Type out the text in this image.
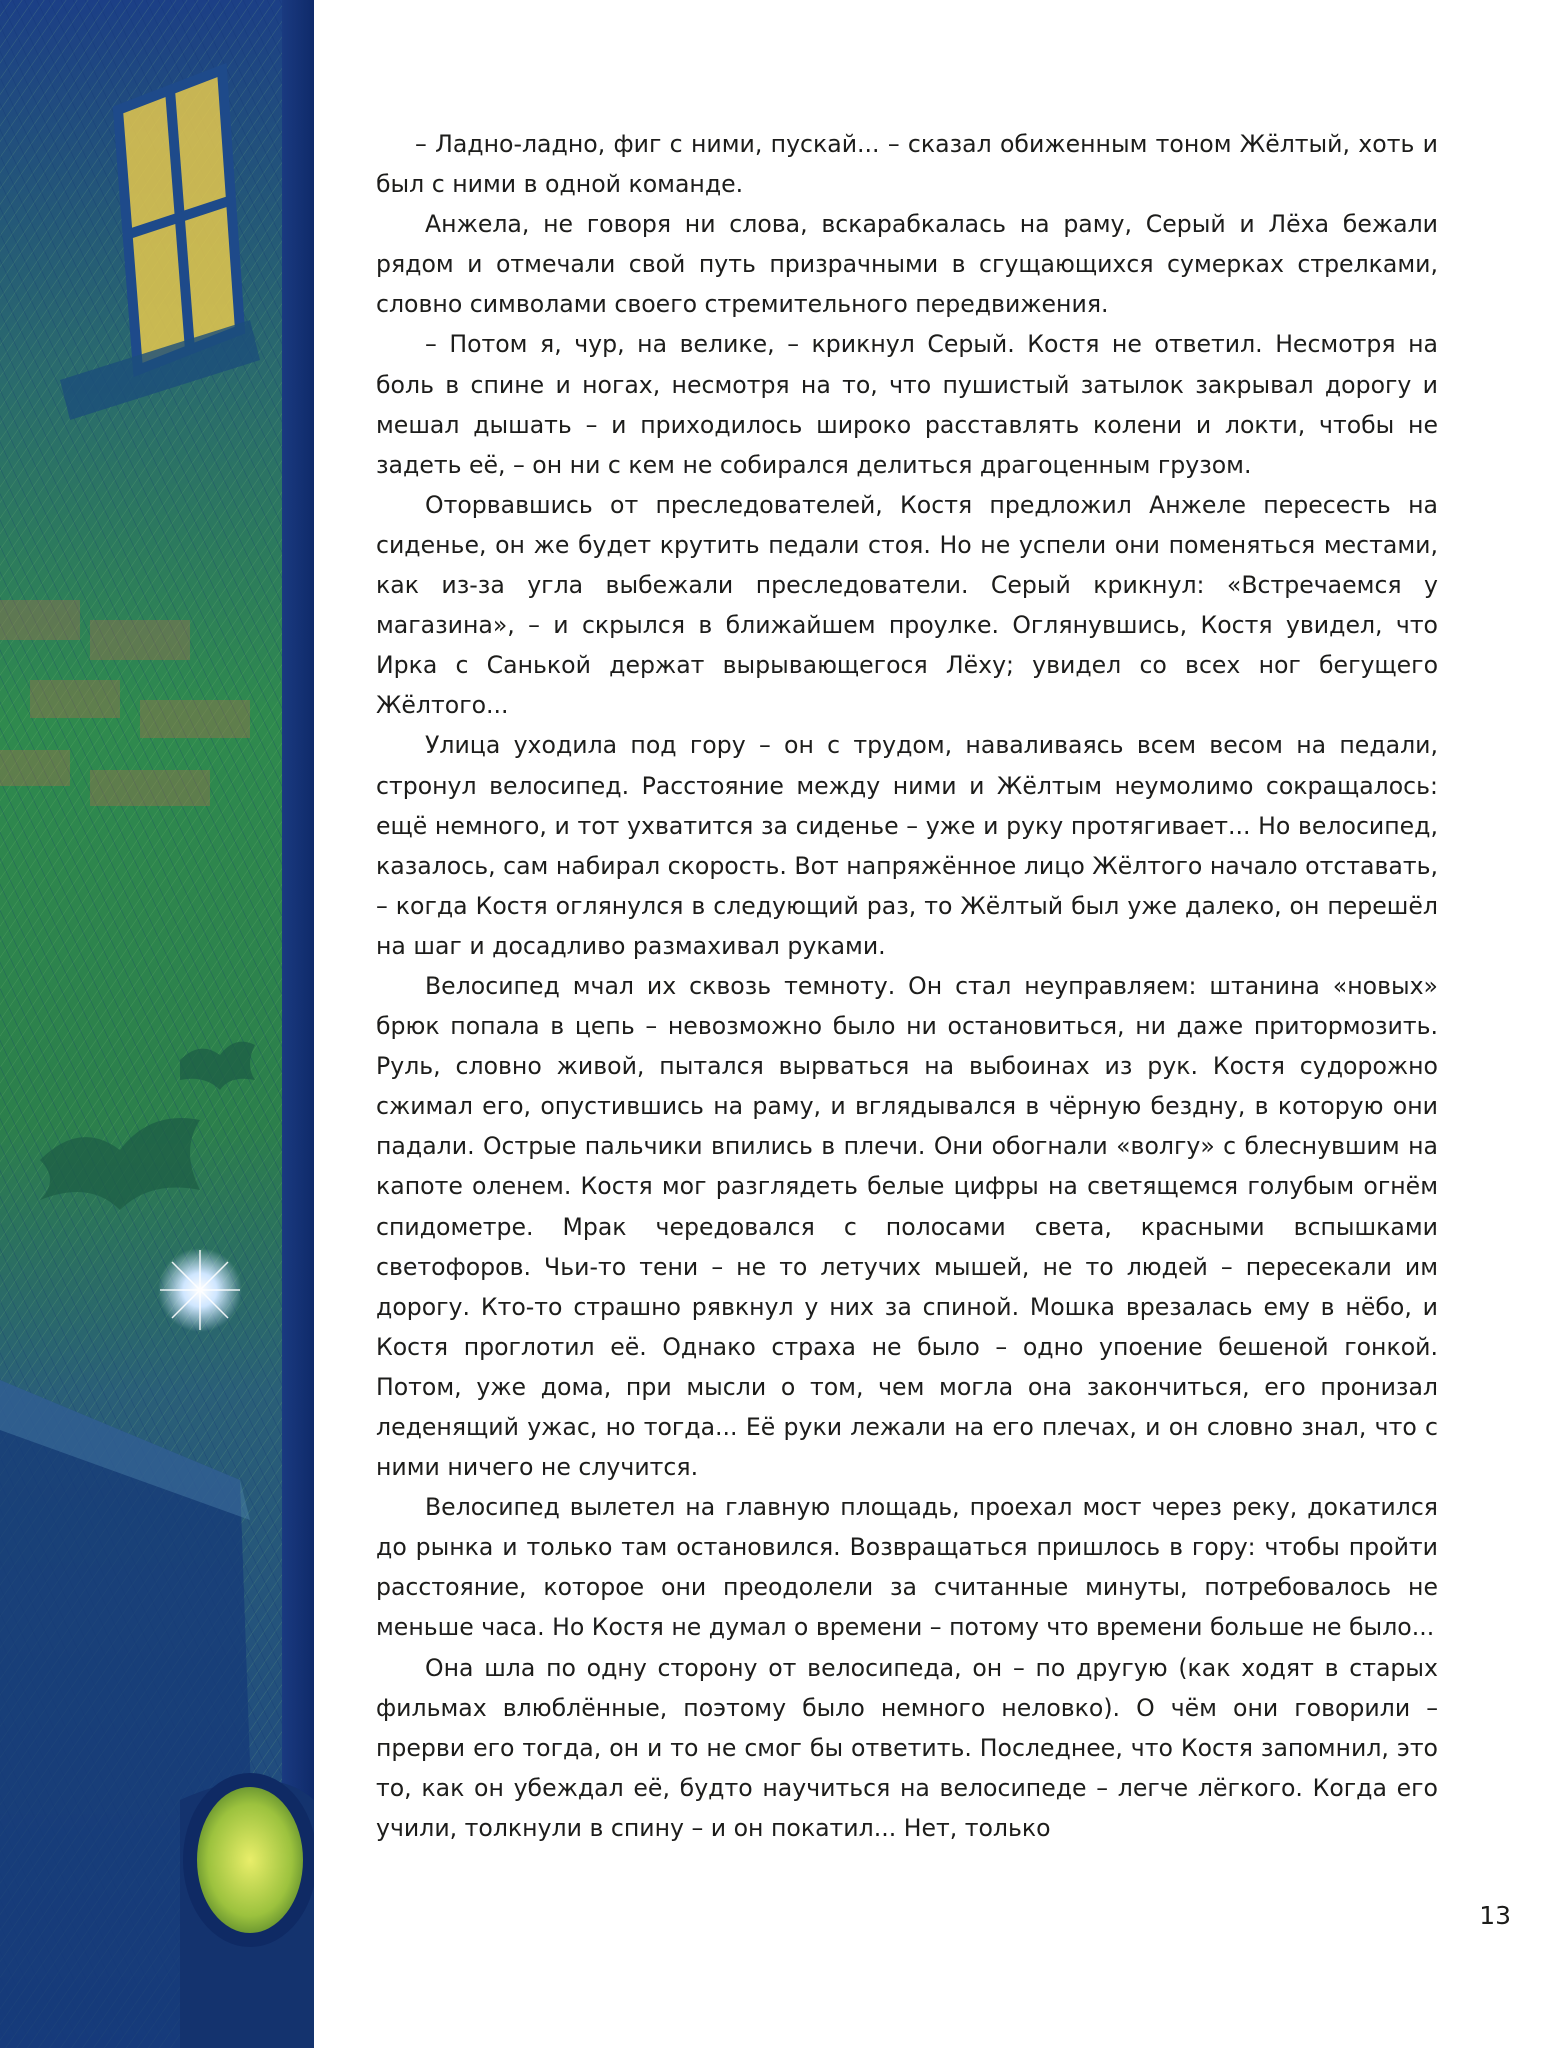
– Ладно-ладно, фиг с ними, пускай... – сказал обиженным тоном Жёлтый, хоть и был с ними в одной команде.

Анжела, не говоря ни слова, вскарабкалась на раму, Серый и Лёха бежали рядом и отмечали свой путь призрачными в сгущающихся сумерках стрелками, словно символами своего стремительного передвижения.

– Потом я, чур, на велике, – крикнул Серый. Костя не ответил. Несмотря на боль в спине и ногах, несмотря на то, что пушистый затылок закрывал дорогу и мешал дышать – и приходилось широко расставлять колени и локти, чтобы не задеть её, – он ни с кем не собирался делиться драгоценным грузом.

Оторвавшись от преследователей, Костя предложил Анжеле пересесть на сиденье, он же будет крутить педали стоя. Но не успели они поменяться местами, как из-за угла выбежали преследователи. Серый крикнул: «Встречаемся у магазина», – и скрылся в ближайшем проулке. Оглянувшись, Костя увидел, что Ирка с Санькой держат вырывающегося Лёху; увидел со всех ног бегущего Жёлтого...

Улица уходила под гору – он с трудом, наваливаясь всем весом на педали, стронул велосипед. Расстояние между ними и Жёлтым неумолимо сокращалось: ещё немного, и тот ухватится за сиденье – уже и руку протягивает... Но велосипед, казалось, сам набирал скорость. Вот напряжённое лицо Жёлтого начало отставать, – когда Костя оглянулся в следующий раз, то Жёлтый был уже далеко, он перешёл на шаг и досадливо размахивал руками.

Велосипед мчал их сквозь темноту. Он стал неуправляем: штанина «новых» брюк попала в цепь – невозможно было ни остановиться, ни даже притормозить. Руль, словно живой, пытался вырваться на выбоинах из рук. Костя судорожно сжимал его, опустившись на раму, и вглядывался в чёрную бездну, в которую они падали. Острые пальчики впились в плечи. Они обогнали «волгу» с блеснувшим на капоте оленем. Костя мог разглядеть белые цифры на светящемся голубым огнём спидометре. Мрак чередовался с полосами света, красными вспышками светофоров. Чьи-то тени – не то летучих мышей, не то людей – пересекали им дорогу. Кто-то страшно рявкнул у них за спиной. Мошка врезалась ему в нёбо, и Костя проглотил её. Однако страха не было – одно упоение бешеной гонкой. Потом, уже дома, при мысли о том, чем могла она закончиться, его пронизал леденящий ужас, но тогда... Её руки лежали на его плечах, и он словно знал, что с ними ничего не случится.

Велосипед вылетел на главную площадь, проехал мост через реку, докатился до рынка и только там остановился. Возвращаться пришлось в гору: чтобы пройти расстояние, которое они преодолели за считанные минуты, потребовалось не меньше часа. Но Костя не думал о времени – потому что времени больше не было...

Она шла по одну сторону от велосипеда, он – по другую (как ходят в старых фильмах влюблённые, поэтому было немного неловко). О чём они говорили – прерви его тогда, он и то не смог бы ответить. Последнее, что Костя запомнил, это то, как он убеждал её, будто научиться на велосипеде – легче лёгкого. Когда его учили, толкнули в спину – и он покатил... Нет, только

13
